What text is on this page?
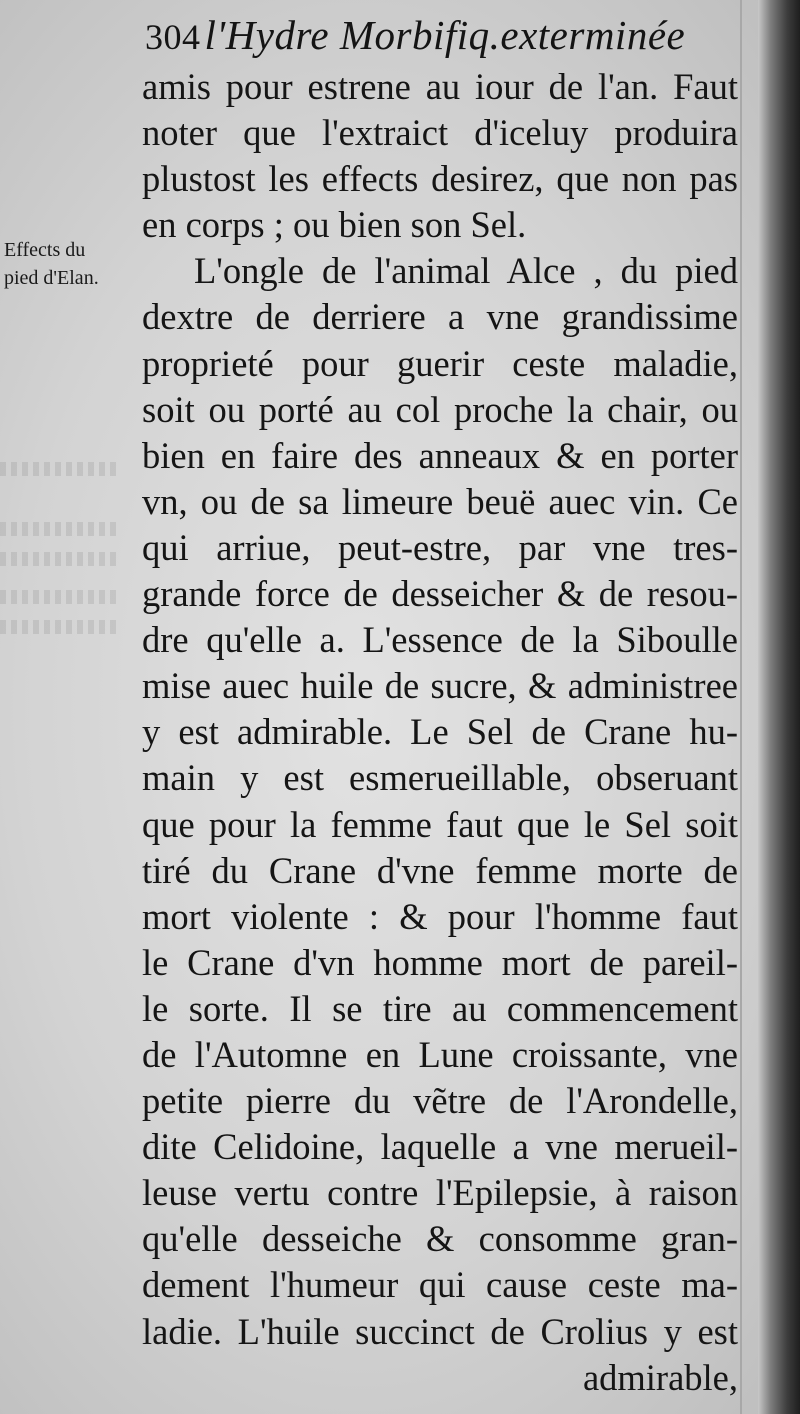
304l'Hydre Morbifiq.exterminée
Effects du
pied d'Elan.
amis pour estrene au iour de l'an. Faut
noter que l'extraict d'iceluy produira
plustost les effects desirez, que non pas
en corps ; ou bien son Sel.
L'ongle de l'animal Alce , du pied
dextre de derriere a vne grandissime
proprieté pour guerir ceste maladie,
soit ou porté au col proche la chair, ou
bien en faire des anneaux & en porter
vn, ou de sa limeure beuë auec vin. Ce
qui arriue, peut-estre, par vne tres-
grande force de desseicher & de resou-
dre qu'elle a. L'essence de la Siboulle
mise auec huile de sucre, & administree
y est admirable. Le Sel de Crane hu-
main y est esmerueillable, obseruant
que pour la femme faut que le Sel soit
tiré du Crane d'vne femme morte de
mort violente : & pour l'homme faut
le Crane d'vn homme mort de pareil-
le sorte. Il se tire au commencement
de l'Automne en Lune croissante, vne
petite pierre du vẽtre de l'Arondelle,
dite Celidoine, laquelle a vne merueil-
leuse vertu contre l'Epilepsie, à raison
qu'elle desseiche & consomme gran-
dement l'humeur qui cause ceste ma-
ladie. L'huile succinct de Crolius y est
admirable,
